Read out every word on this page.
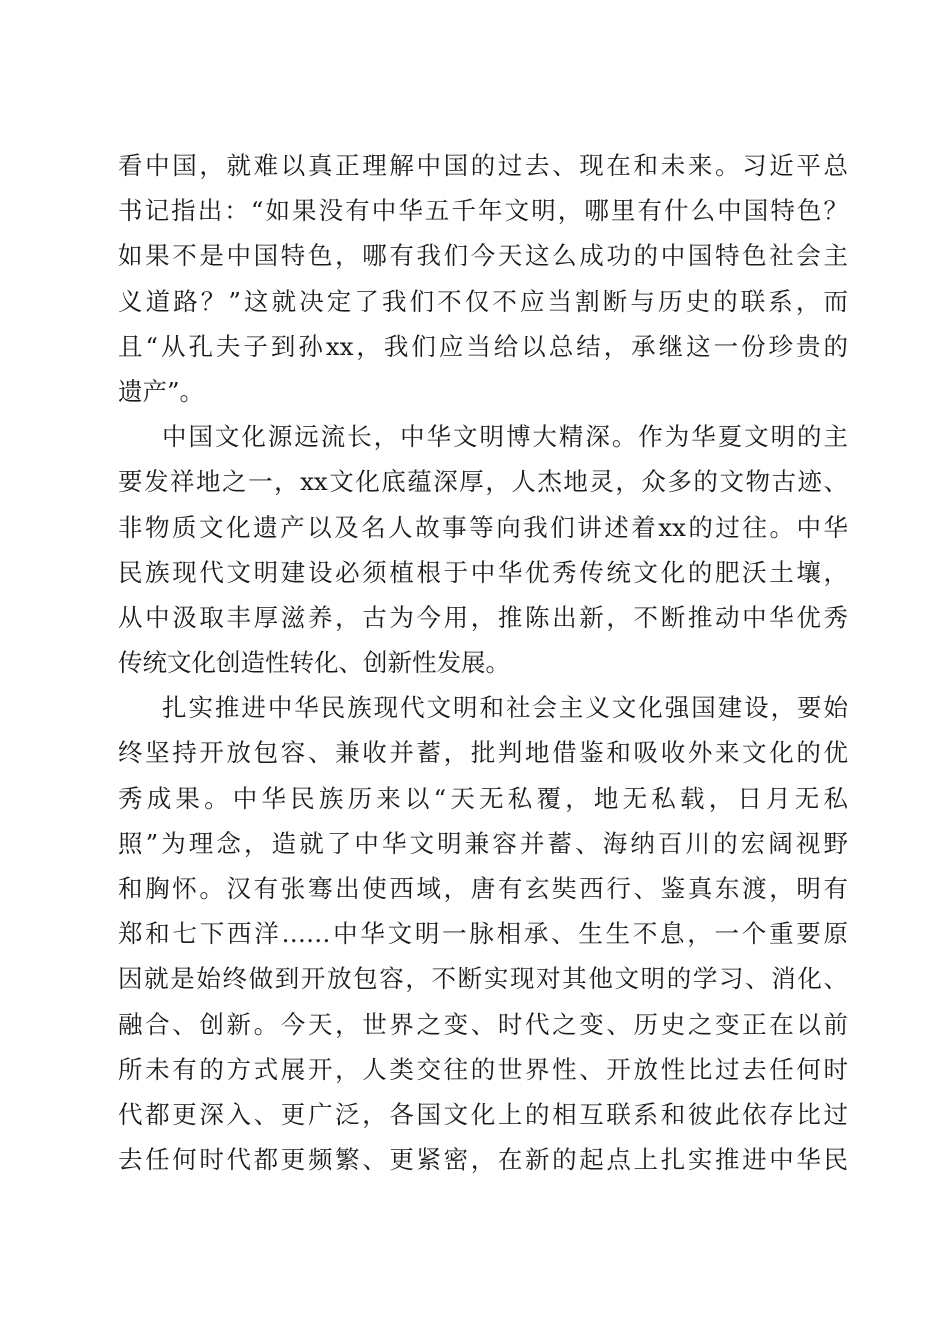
看中国，就难以真正理解中国的过去、现在和未来。习近平总
书记指出：“如果没有中华五千年文明，哪里有什么中国特色？
如果不是中国特色，哪有我们今天这么成功的中国特色社会主
义道路？”这就决定了我们不仅不应当割断与历史的联系，而
且“从孔夫子到孙xx，我们应当给以总结，承继这一份珍贵的
遗产”。
中国文化源远流长，中华文明博大精深。作为华夏文明的主
要发祥地之一，xx文化底蕴深厚，人杰地灵，众多的文物古迹、
非物质文化遗产以及名人故事等向我们讲述着xx的过往。中华
民族现代文明建设必须植根于中华优秀传统文化的肥沃土壤，
从中汲取丰厚滋养，古为今用，推陈出新，不断推动中华优秀
传统文化创造性转化、创新性发展。
扎实推进中华民族现代文明和社会主义文化强国建设，要始
终坚持开放包容、兼收并蓄，批判地借鉴和吸收外来文化的优
秀成果。中华民族历来以“天无私覆，地无私载，日月无私
照”为理念，造就了中华文明兼容并蓄、海纳百川的宏阔视野
和胸怀。汉有张骞出使西域，唐有玄奘西行、鉴真东渡，明有
郑和七下西洋……中华文明一脉相承、生生不息，一个重要原
因就是始终做到开放包容，不断实现对其他文明的学习、消化、
融合、创新。今天，世界之变、时代之变、历史之变正在以前
所未有的方式展开，人类交往的世界性、开放性比过去任何时
代都更深入、更广泛，各国文化上的相互联系和彼此依存比过
去任何时代都更频繁、更紧密，在新的起点上扎实推进中华民
